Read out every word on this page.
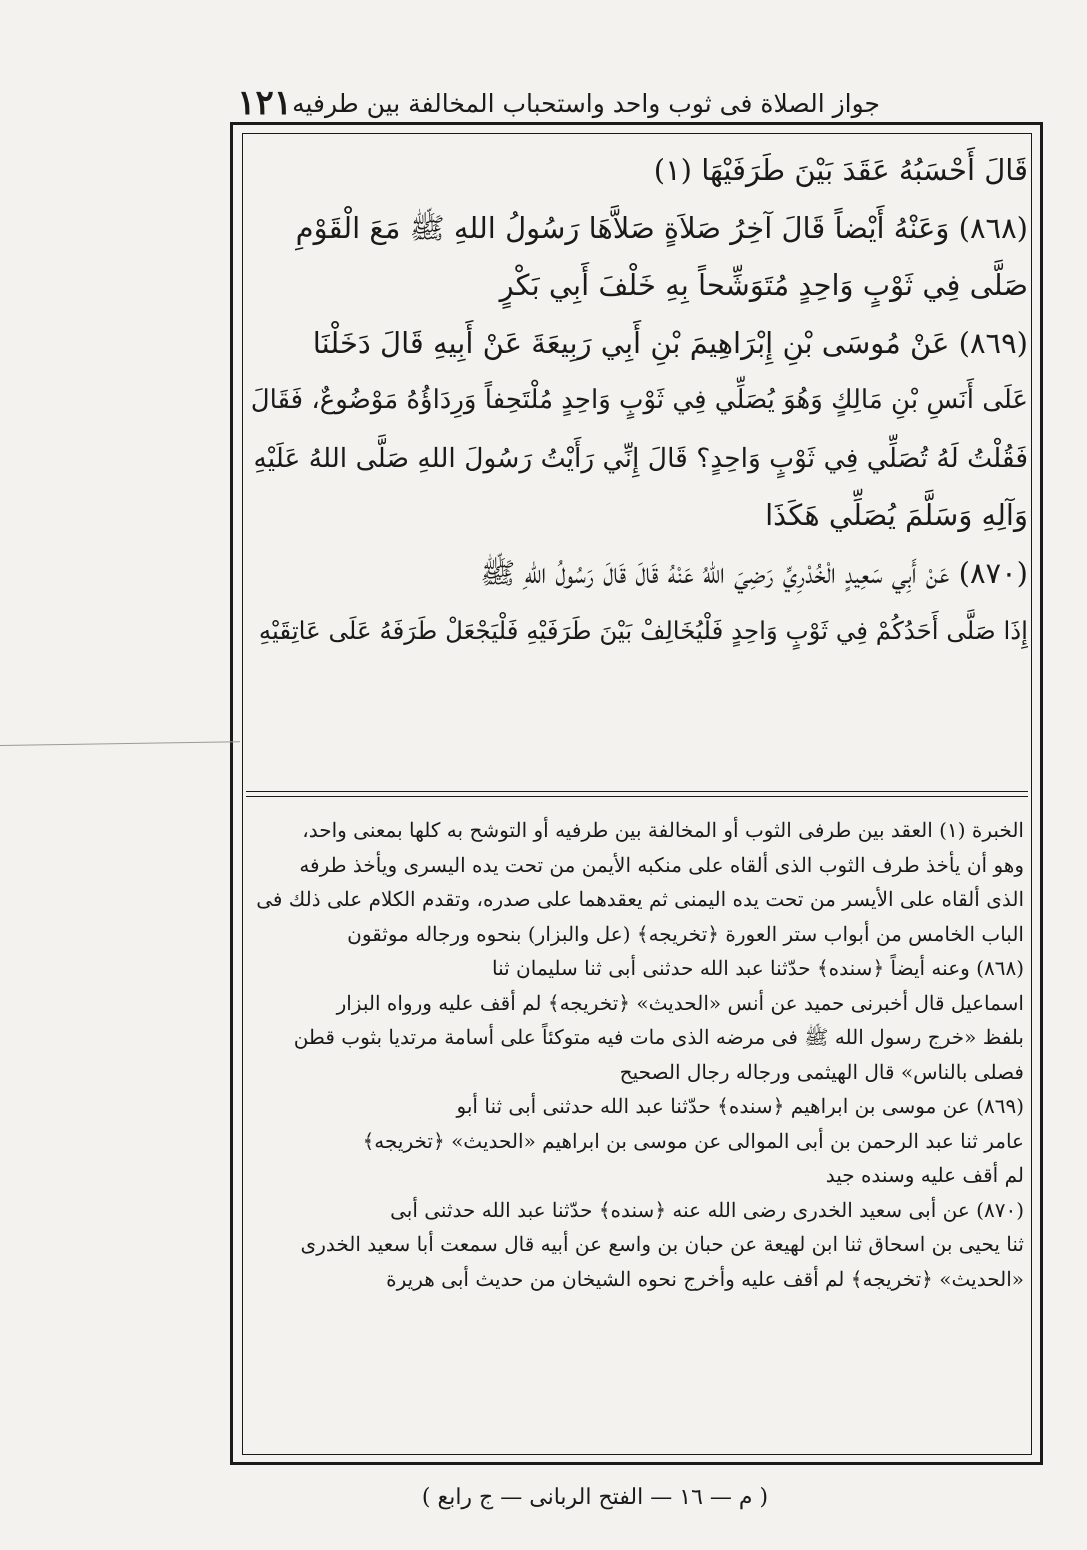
جواز الصلاة فى ثوب واحد واستحباب المخالفة بين طرفيه
١٢١
قَالَ أَحْسَبُهُ عَقَدَ بَيْنَ طَرَفَيْهَا (١)
(٨٦٨) وَعَنْهُ أَيْضاً قَالَ آخِرُ صَلاَةٍ صَلاَّهَا رَسُولُ اللهِ ﷺ مَعَ الْقَوْمِ
صَلَّى فِي ثَوْبٍ وَاحِدٍ مُتَوَشِّحاً بِهِ خَلْفَ أَبِي بَكْرٍ
(٨٦٩) عَنْ مُوسَى بْنِ إِبْرَاهِيمَ بْنِ أَبِي رَبِيعَةَ عَنْ أَبِيهِ قَالَ دَخَلْنَا
عَلَى أَنَسِ بْنِ مَالِكٍ وَهُوَ يُصَلِّي فِي ثَوْبٍ وَاحِدٍ مُلْتَحِفاً وَرِدَاؤُهُ مَوْضُوعٌ، فَقَالَ
فَقُلْتُ لَهُ تُصَلِّي فِي ثَوْبٍ وَاحِدٍ؟ قَالَ إِنِّي رَأَيْتُ رَسُولَ اللهِ صَلَّى اللهُ عَلَيْهِ
وَآلِهِ وَسَلَّمَ يُصَلِّي هَكَذَا
(٨٧٠) عَنْ أَبِي سَعِيدٍ الْخُدْرِيِّ رَضِيَ اللهُ عَنْهُ قَالَ قَالَ رَسُولُ اللهِ ﷺ
إِذَا صَلَّى أَحَدُكُمْ فِي ثَوْبٍ وَاحِدٍ فَلْيُخَالِفْ بَيْنَ طَرَفَيْهِ فَلْيَجْعَلْ طَرَفَهُ عَلَى عَاتِقَيْهِ
الخبرة (١) العقد بين طرفى الثوب أو المخالفة بين طرفيه أو التوشح به كلها بمعنى واحد،
وهو أن يأخذ طرف الثوب الذى ألقاه على منكبه الأيمن من تحت يده اليسرى ويأخذ طرفه
الذى ألقاه على الأيسر من تحت يده اليمنى ثم يعقدهما على صدره، وتقدم الكلام على ذلك فى
الباب الخامس من أبواب ستر العورة ﴿تخريجه﴾ (عل والبزار) بنحوه ورجاله موثقون
(٨٦٨) وعنه أيضاً ﴿سنده﴾ حدّثنا عبد الله حدثنى أبى ثنا سليمان ثنا
اسماعيل قال أخبرنى حميد عن أنس «الحديث» ﴿تخريجه﴾ لم أقف عليه ورواه البزار
بلفظ «خرج رسول الله ﷺ فى مرضه الذى مات فيه متوكئاً على أسامة مرتديا بثوب قطن
فصلى بالناس» قال الهيثمى ورجاله رجال الصحيح
(٨٦٩) عن موسى بن ابراهيم ﴿سنده﴾ حدّثنا عبد الله حدثنى أبى ثنا أبو
عامر ثنا عبد الرحمن بن أبى الموالى عن موسى بن ابراهيم «الحديث» ﴿تخريجه﴾
لم أقف عليه وسنده جيد
(٨٧٠) عن أبى سعيد الخدرى رضى الله عنه ﴿سنده﴾ حدّثنا عبد الله حدثنى أبى
ثنا يحيى بن اسحاق ثنا ابن لهيعة عن حبان بن واسع عن أبيه قال سمعت أبا سعيد الخدرى
«الحديث» ﴿تخريجه﴾ لم أقف عليه وأخرج نحوه الشيخان من حديث أبى هريرة
( م — ١٦ — الفتح الربانى — ج رابع )
